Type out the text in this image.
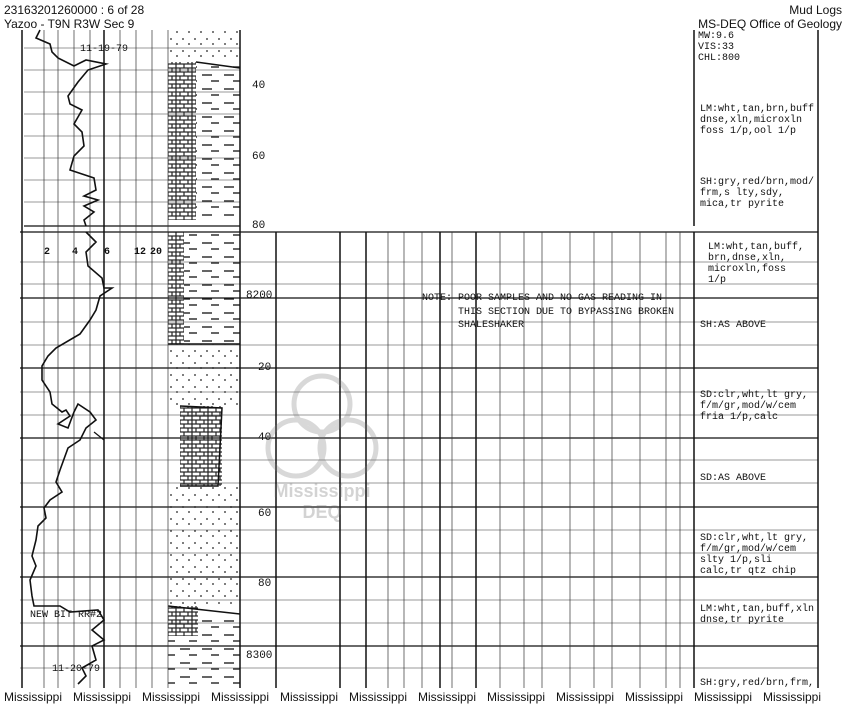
23163201260000 : 6 of 28
Yazoo - T9N R3W Sec 9
Mud Logs
MS-DEQ Office of Geology
MW:9.6
VIS:33
CHL:800
11-19-79
11-20-79
NEW BIT RR#2
2 4	6 12 20
40
60
80
8200
20
40
60
80
8300
NOTE: POOR SAMPLES AND NO GAS READING IN
THIS SECTION DUE TO BYPASSING BROKEN
SHALESHAKER
LM:wht,tan,brn,buff
dnse,xln,microxln
foss 1/p,ool 1/p
SH:gry,red/brn,mod/
frm,s lty,sdy,
mica,tr pyrite
LM:wht,tan,buff,
brn,dnse,xln,
microxln,foss
1/p
SH:AS ABOVE
SD:clr,wht,lt gry,
f/m/gr,mod/w/cem
fria 1/p,calc
SD:AS ABOVE
SD:clr,wht,lt gry,
f/m/gr,mod/w/cem
slty 1/p,sli
calc,tr qtz chip
LM:wht,tan,buff,xln
dnse,tr pyrite
SH:gry,red/brn,frm,
Mississippi
DEQ
Mississippi Mississippi Mississippi Mississippi Mississippi Mississippi Mississippi Mississippi Mississippi Mississippi Mississippi Mississippi
